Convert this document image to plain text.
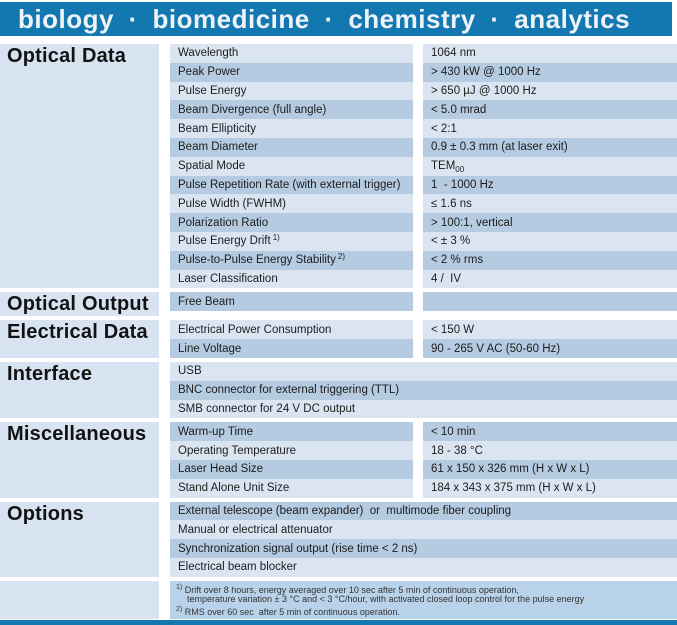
biology · biomedicine · chemistry · analytics
Optical Data	Wavelength	1064 nm
Peak Power	> 430 kW @ 1000 Hz
Pulse Energy	> 650 µJ @ 1000 Hz
Beam Divergence (full angle)	< 5.0 mrad
Beam Ellipticity	< 2:1
Beam Diameter	0.9 ± 0.3 mm (at laser exit)
Spatial Mode	TEM 00
Pulse Repetition Rate (with external trigger)	1  - 1000 Hz
Pulse Width (FWHM)	≤ 1.6 ns
Polarization Ratio	> 100:1, vertical
Pulse Energy Drift 1)	< ± 3 %
Pulse-to-Pulse Energy Stability 2)	< 2 % rms
Laser Classification	4 /  IV
Optical Output	Free Beam
Electrical Data	Electrical Power Consumption	< 150 W
Line Voltage	90 - 265 V AC (50-60 Hz)
Interface	USB
BNC connector for external triggering (TTL)
SMB connector for 24 V DC output
Miscellaneous	Warm-up Time	< 10 min
Operating Temperature	18 - 38 °C
Laser Head Size	61 x 150 x 326 mm (H x W x L)
Stand Alone Unit Size	184 x 343 x 375 mm (H x W x L)
Options	External telescope (beam expander)  or  multimode fiber coupling
Manual or electrical attenuator
Synchronization signal output (rise time < 2 ns)
Electrical beam blocker
$^{1)}$ Drift over 8 hours, energy averaged over 10 sec after 5 min of continuous operation,
temperature variation ± 3 °C and < 3 °C/hour, with activated closed loop control for the pulse energy
$^{2)}$ RMS over 60 sec  after 5 min of continuous operation.
